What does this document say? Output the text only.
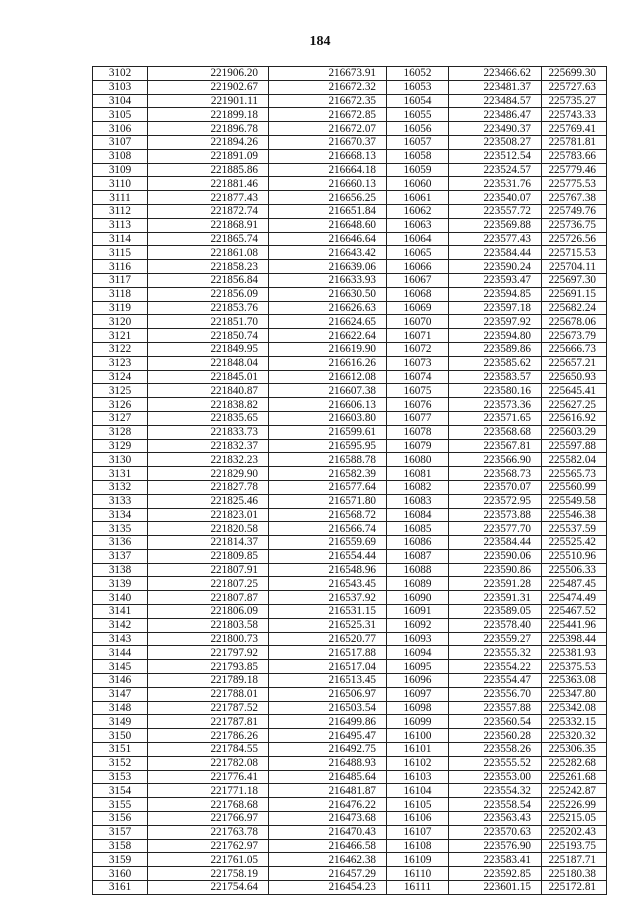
184
3102	221906.20	216673.91	16052	223466.62	225699.30
3103	221902.67	216672.32	16053	223481.37	225727.63
3104	221901.11	216672.35	16054	223484.57	225735.27
3105	221899.18	216672.85	16055	223486.47	225743.33
3106	221896.78	216672.07	16056	223490.37	225769.41
3107	221894.26	216670.37	16057	223508.27	225781.81
3108	221891.09	216668.13	16058	223512.54	225783.66
3109	221885.86	216664.18	16059	223524.57	225779.46
3110	221881.46	216660.13	16060	223531.76	225775.53
3111	221877.43	216656.25	16061	223540.07	225767.38
3112	221872.74	216651.84	16062	223557.72	225749.76
3113	221868.91	216648.60	16063	223569.88	225736.75
3114	221865.74	216646.64	16064	223577.43	225726.56
3115	221861.08	216643.42	16065	223584.44	225715.53
3116	221858.23	216639.06	16066	223590.24	225704.11
3117	221856.84	216633.93	16067	223593.47	225697.30
3118	221856.09	216630.50	16068	223594.85	225691.15
3119	221853.76	216626.63	16069	223597.18	225682.24
3120	221851.70	216624.65	16070	223597.92	225678.06
3121	221850.74	216622.64	16071	223594.80	225673.79
3122	221849.95	216619.90	16072	223589.86	225666.73
3123	221848.04	216616.26	16073	223585.62	225657.21
3124	221845.01	216612.08	16074	223583.57	225650.93
3125	221840.87	216607.38	16075	223580.16	225645.41
3126	221838.82	216606.13	16076	223573.36	225627.25
3127	221835.65	216603.80	16077	223571.65	225616.92
3128	221833.73	216599.61	16078	223568.68	225603.29
3129	221832.37	216595.95	16079	223567.81	225597.88
3130	221832.23	216588.78	16080	223566.90	225582.04
3131	221829.90	216582.39	16081	223568.73	225565.73
3132	221827.78	216577.64	16082	223570.07	225560.99
3133	221825.46	216571.80	16083	223572.95	225549.58
3134	221823.01	216568.72	16084	223573.88	225546.38
3135	221820.58	216566.74	16085	223577.70	225537.59
3136	221814.37	216559.69	16086	223584.44	225525.42
3137	221809.85	216554.44	16087	223590.06	225510.96
3138	221807.91	216548.96	16088	223590.86	225506.33
3139	221807.25	216543.45	16089	223591.28	225487.45
3140	221807.87	216537.92	16090	223591.31	225474.49
3141	221806.09	216531.15	16091	223589.05	225467.52
3142	221803.58	216525.31	16092	223578.40	225441.96
3143	221800.73	216520.77	16093	223559.27	225398.44
3144	221797.92	216517.88	16094	223555.32	225381.93
3145	221793.85	216517.04	16095	223554.22	225375.53
3146	221789.18	216513.45	16096	223554.47	225363.08
3147	221788.01	216506.97	16097	223556.70	225347.80
3148	221787.52	216503.54	16098	223557.88	225342.08
3149	221787.81	216499.86	16099	223560.54	225332.15
3150	221786.26	216495.47	16100	223560.28	225320.32
3151	221784.55	216492.75	16101	223558.26	225306.35
3152	221782.08	216488.93	16102	223555.52	225282.68
3153	221776.41	216485.64	16103	223553.00	225261.68
3154	221771.18	216481.87	16104	223554.32	225242.87
3155	221768.68	216476.22	16105	223558.54	225226.99
3156	221766.97	216473.68	16106	223563.43	225215.05
3157	221763.78	216470.43	16107	223570.63	225202.43
3158	221762.97	216466.58	16108	223576.90	225193.75
3159	221761.05	216462.38	16109	223583.41	225187.71
3160	221758.19	216457.29	16110	223592.85	225180.38
3161	221754.64	216454.23	16111	223601.15	225172.81
